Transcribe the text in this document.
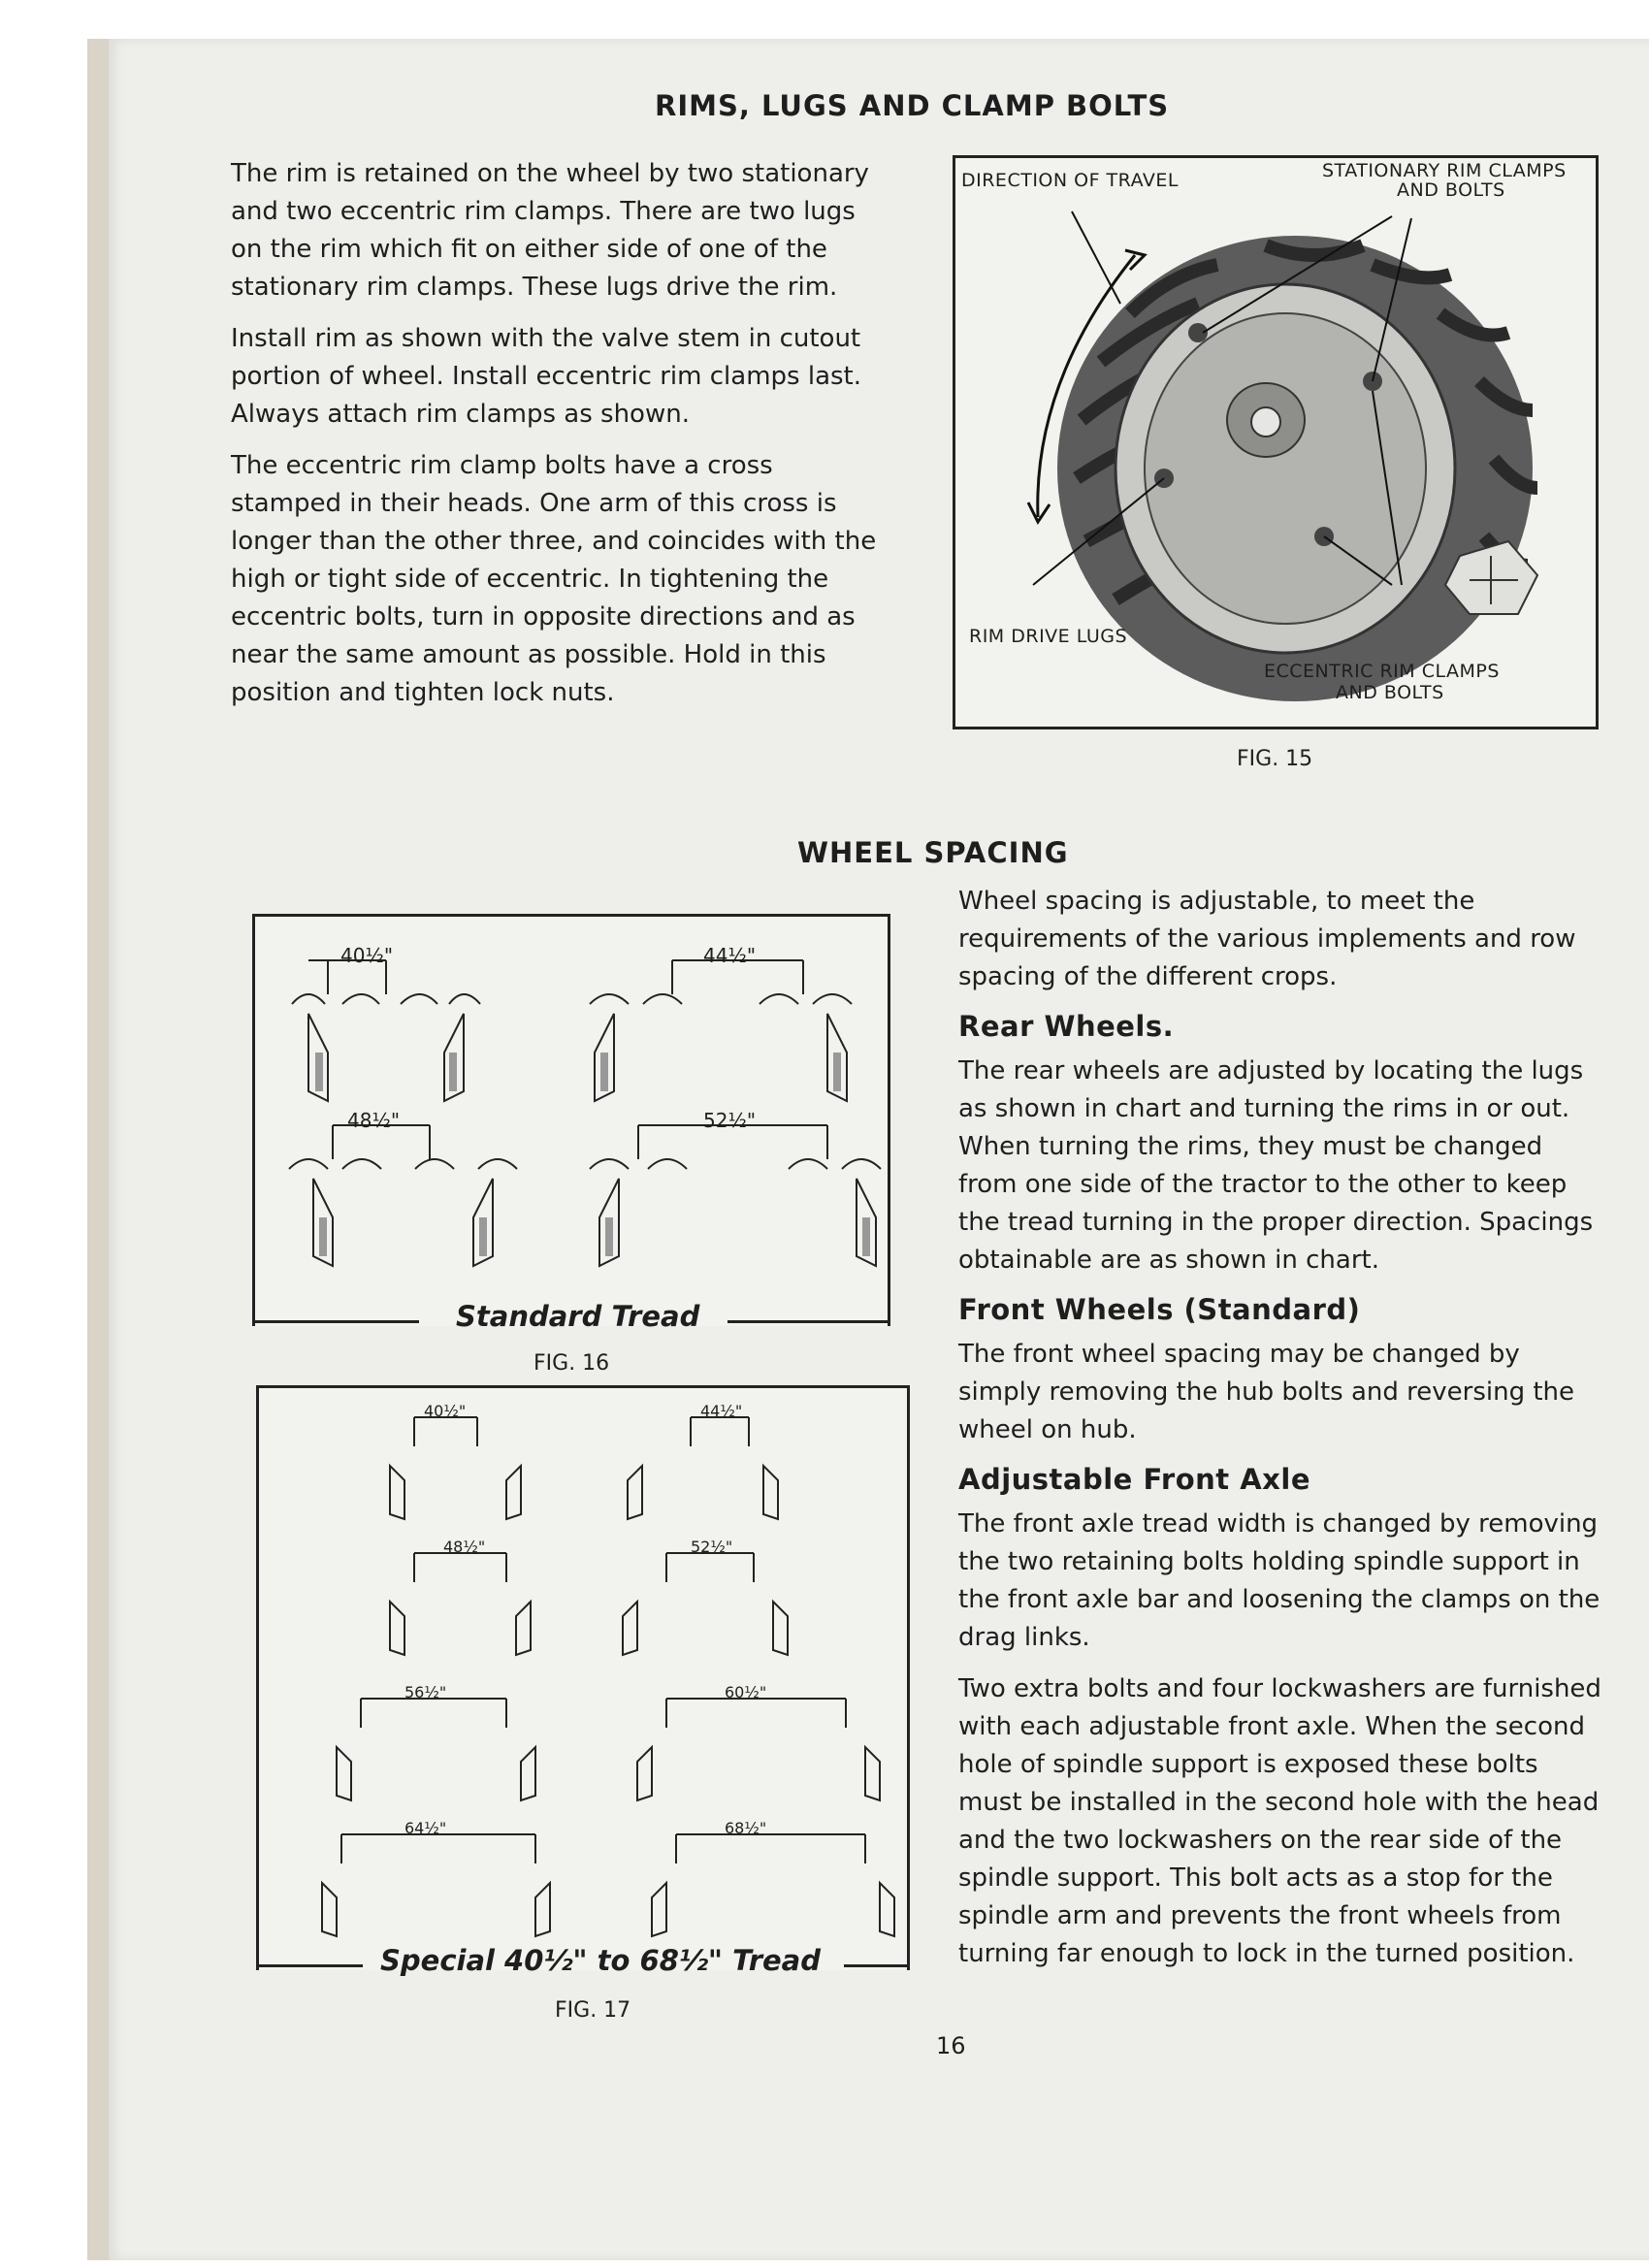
RIMS, LUGS AND CLAMP BOLTS

The rim is retained on the wheel by two stationary and two eccentric rim clamps. There are two lugs on the rim which fit on either side of one of the stationary rim clamps. These lugs drive the rim.

Install rim as shown with the valve stem in cutout portion of wheel. Install eccentric rim clamps last. Always attach rim clamps as shown.

The eccentric rim clamp bolts have a cross stamped in their heads. One arm of this cross is longer than the other three, and coincides with the high or tight side of eccentric. In tightening the eccentric bolts, turn in opposite directions and as near the same amount as possible. Hold in this position and tighten lock nuts.

DIRECTION OF TRAVEL	STATIONARY RIM CLAMPS
AND BOLTS
RIM DRIVE LUGS
ECCENTRIC RIM CLAMPS
AND BOLTS
FIG. 15
WHEEL SPACING
40½"	44½"
48½"	52½"
Standard Tread
FIG. 16
40½"	44½"
48½"	52½"
56½"	60½"
64½"	68½"
Special 40½" to 68½" Tread
FIG. 17

Wheel spacing is adjustable, to meet the requirements of the various implements and row spacing of the different crops.

Rear Wheels.

The rear wheels are adjusted by locating the lugs as shown in chart and turning the rims in or out. When turning the rims, they must be changed from one side of the tractor to the other to keep the tread turning in the proper direction. Spacings obtainable are as shown in chart.

Front Wheels (Standard)

The front wheel spacing may be changed by simply removing the hub bolts and reversing the wheel on hub.

Adjustable Front Axle

The front axle tread width is changed by removing the two retaining bolts holding spindle support in the front axle bar and loosening the clamps on the drag links.

Two extra bolts and four lockwashers are furnished with each adjustable front axle. When the second hole of spindle support is exposed these bolts must be installed in the second hole with the head and the two lockwashers on the rear side of the spindle support. This bolt acts as a stop for the spindle arm and prevents the front wheels from turning far enough to lock in the turned position.

16
